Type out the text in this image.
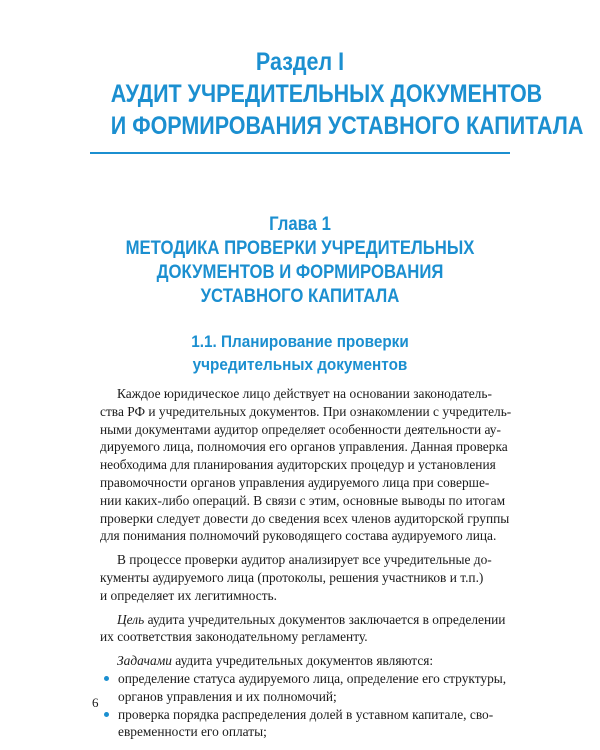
Раздел I
АУДИТ УЧРЕДИТЕЛЬНЫХ ДОКУМЕНТОВ
И ФОРМИРОВАНИЯ УСТАВНОГО КАПИТАЛА
Глава 1
МЕТОДИКА ПРОВЕРКИ УЧРЕДИТЕЛЬНЫХ
ДОКУМЕНТОВ И ФОРМИРОВАНИЯ
УСТАВНОГО КАПИТАЛА
1.1. Планирование проверки
учредительных документов
Каждое юридическое лицо действует на основании законодатель-
ства РФ и учредительных документов. При ознакомлении с учредитель-
ными документами аудитор определяет особенности деятельности ау-
дируемого лица, полномочия его органов управления. Данная проверка
необходима для планирования аудиторских процедур и установления
правомочности органов управления аудируемого лица при соверше-
нии каких-либо операций. В связи с этим, основные выводы по итогам
проверки следует довести до сведения всех членов аудиторской группы
для понимания полномочий руководящего состава аудируемого лица.
В процессе проверки аудитор анализирует все учредительные до-
кументы аудируемого лица (протоколы, решения участников и т.п.)
и определяет их легитимность.
Цель аудита учредительных документов заключается в определении
их соответствия законодательному регламенту.
Задачами аудита учредительных документов являются:
определение статуса аудируемого лица, определение его структуры,
органов управления и их полномочий;
проверка порядка распределения долей в уставном капитале, сво-
евременности его оплаты;
6
